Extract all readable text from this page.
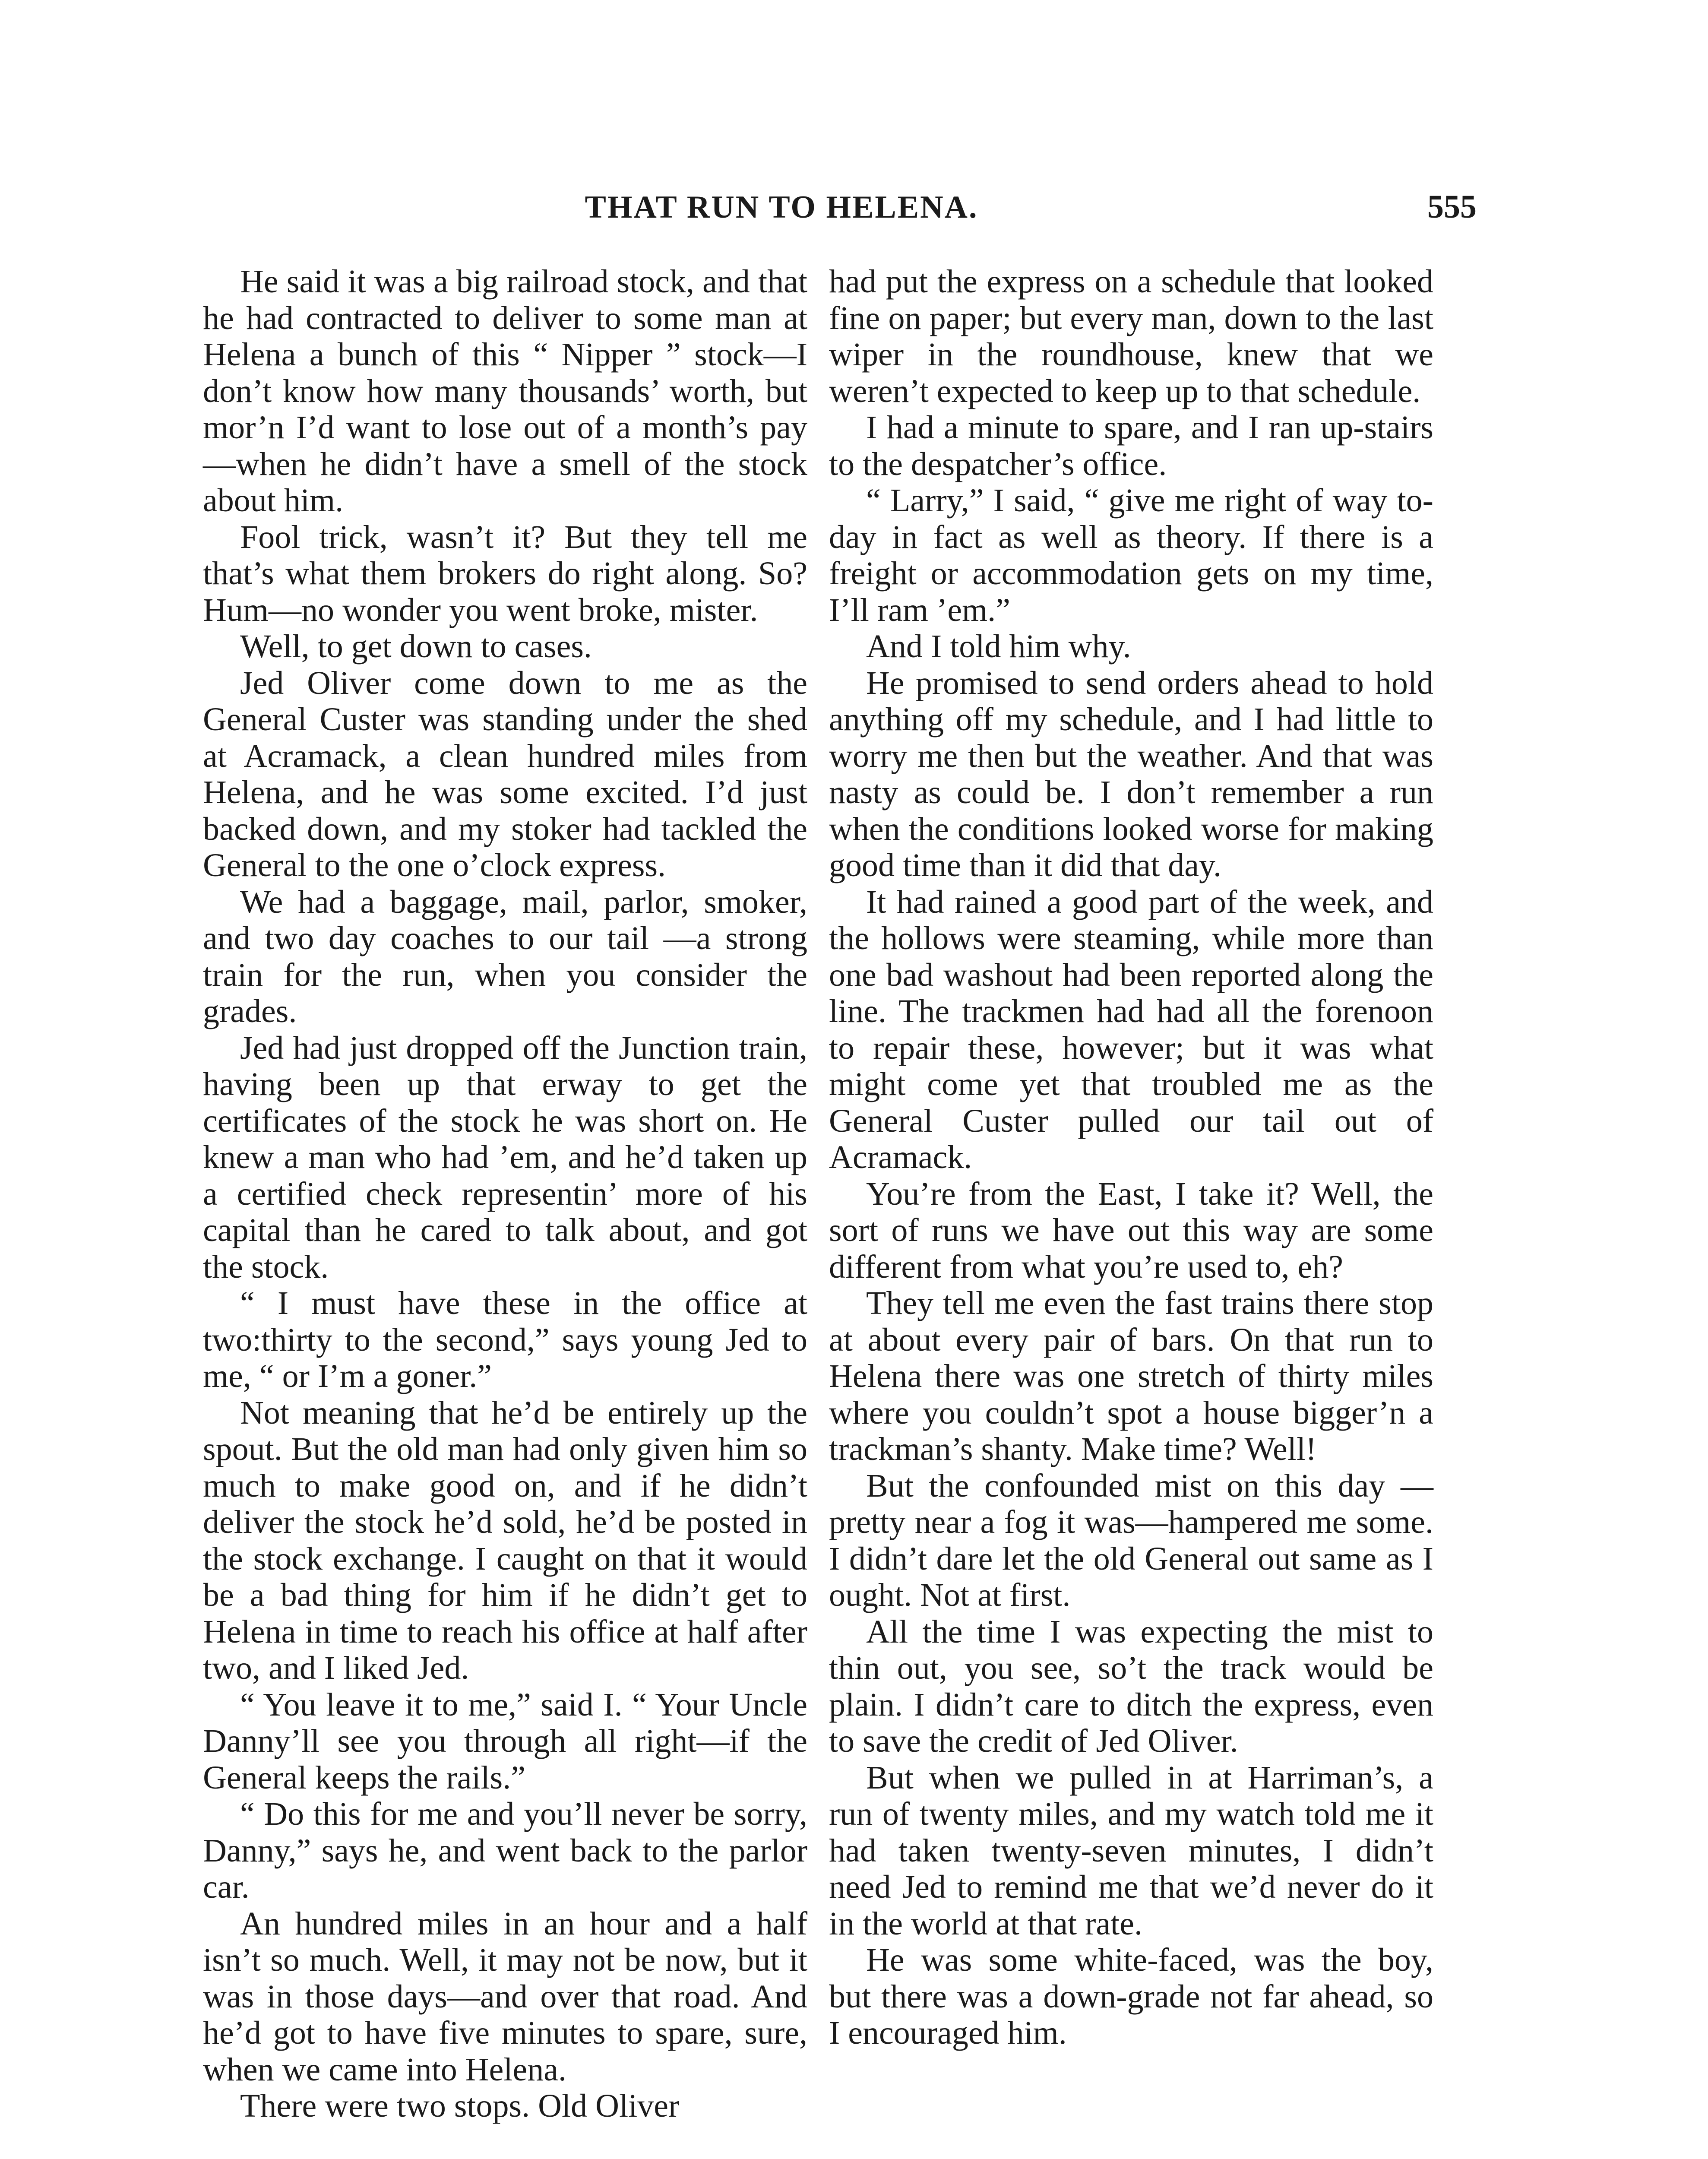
THAT RUN TO HELENA.	555

He said it was a big railroad stock, and that he had contracted to deliver to some man at Helena a bunch of this “ Nipper ” stock—I don’t know how many thousands’ worth, but mor’n I’d want to lose out of a month’s pay—when he didn’t have a smell of the stock about him.

Fool trick, wasn’t it? But they tell me that’s what them brokers do right along. So? Hum—no wonder you went broke, mister.

Well, to get down to cases.

Jed Oliver come down to me as the General Custer was standing under the shed at Acramack, a clean hundred miles from Helena, and he was some excited. I’d just backed down, and my stoker had tackled the General to the one o’clock express.

We had a baggage, mail, parlor, smoker, and two day coaches to our tail —a strong train for the run, when you consider the grades.

Jed had just dropped off the Junction train, having been up that erway to get the certificates of the stock he was short on. He knew a man who had ’em, and he’d taken up a certified check representin’ more of his capital than he cared to talk about, and got the stock.

“ I must have these in the office at two:thirty to the second,” says young Jed to me, “ or I’m a goner.”

Not meaning that he’d be entirely up the spout. But the old man had only given him so much to make good on, and if he didn’t deliver the stock he’d sold, he’d be posted in the stock exchange. I caught on that it would be a bad thing for him if he didn’t get to Helena in time to reach his office at half after two, and I liked Jed.

“ You leave it to me,” said I. “ Your Uncle Danny’ll see you through all right—if the General keeps the rails.”

“ Do this for me and you’ll never be sorry, Danny,” says he, and went back to the parlor car.

An hundred miles in an hour and a half isn’t so much. Well, it may not be now, but it was in those days—and over that road. And he’d got to have five minutes to spare, sure, when we came into Helena.

There were two stops. Old Oliver

had put the express on a schedule that looked fine on paper; but every man, down to the last wiper in the roundhouse, knew that we weren’t expected to keep up to that schedule.

I had a minute to spare, and I ran up-stairs to the despatcher’s office.

“ Larry,” I said, “ give me right of way to-day in fact as well as theory. If there is a freight or accommodation gets on my time, I’ll ram ’em.”

And I told him why.

He promised to send orders ahead to hold anything off my schedule, and I had little to worry me then but the weather. And that was nasty as could be. I don’t remember a run when the conditions looked worse for making good time than it did that day.

It had rained a good part of the week, and the hollows were steaming, while more than one bad washout had been reported along the line. The trackmen had had all the forenoon to repair these, however; but it was what might come yet that troubled me as the General Custer pulled our tail out of Acramack.

You’re from the East, I take it? Well, the sort of runs we have out this way are some different from what you’re used to, eh?

They tell me even the fast trains there stop at about every pair of bars. On that run to Helena there was one stretch of thirty miles where you couldn’t spot a house bigger’n a trackman’s shanty. Make time? Well!

But the confounded mist on this day —pretty near a fog it was—hampered me some. I didn’t dare let the old General out same as I ought. Not at first.

All the time I was expecting the mist to thin out, you see, so’t the track would be plain. I didn’t care to ditch the express, even to save the credit of Jed Oliver.

But when we pulled in at Harriman’s, a run of twenty miles, and my watch told me it had taken twenty-seven minutes, I didn’t need Jed to remind me that we’d never do it in the world at that rate.

He was some white-faced, was the boy, but there was a down-grade not far ahead, so I encouraged him.
